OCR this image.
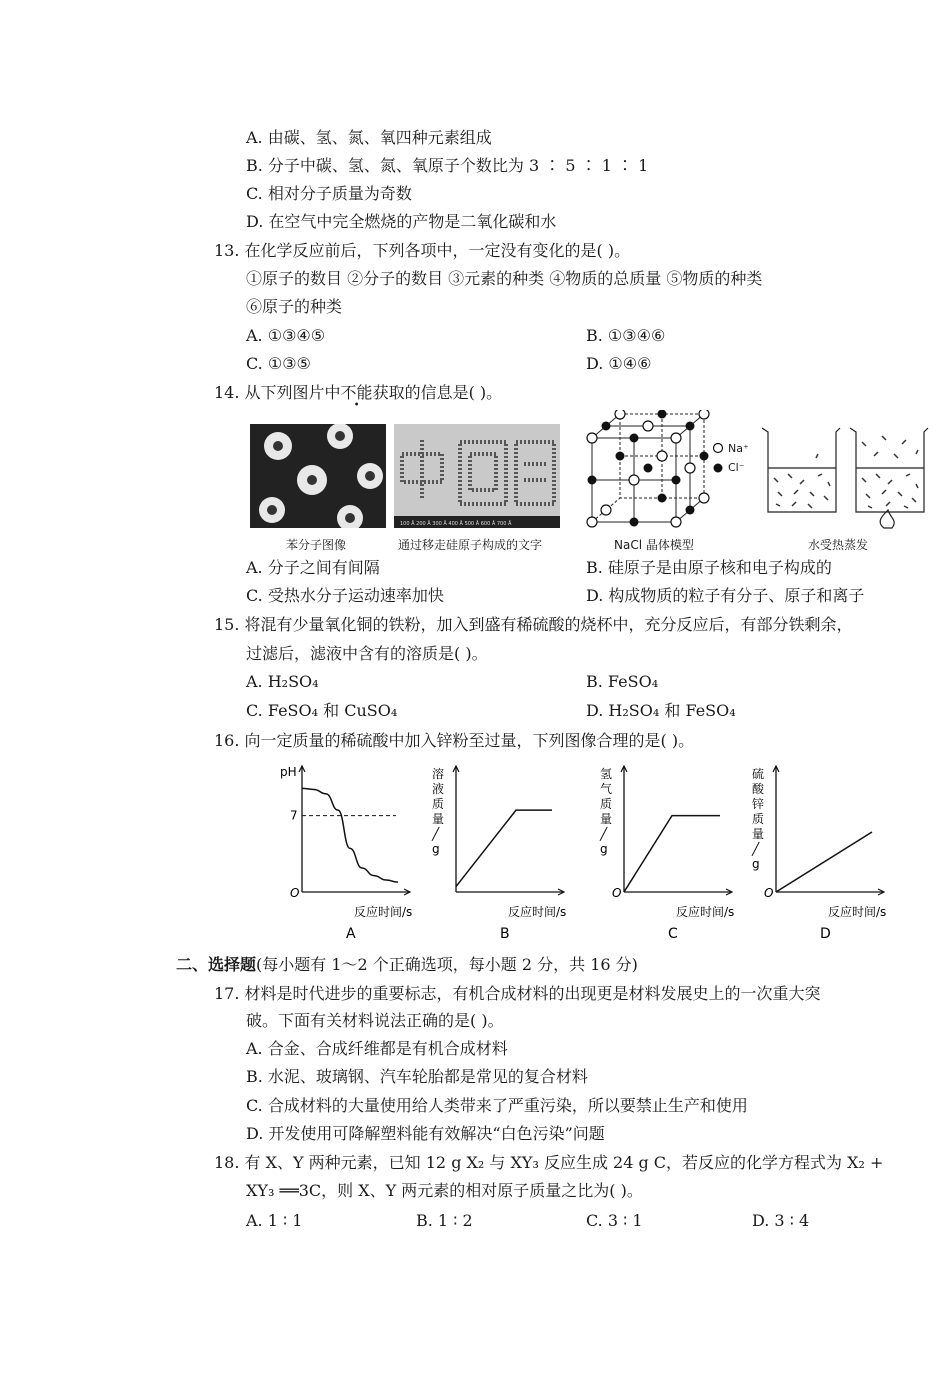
A. 由碳、氢、氮、氧四种元素组成
B. 分子中碳、氢、氮、氧原子个数比为 3 ∶ 5 ∶ 1 ∶ 1
C. 相对分子质量为奇数
D. 在空气中完全燃烧的产物是二氧化碳和水
13. 在化学反应前后，下列各项中，一定没有变化的是( )。
①原子的数目 ②分子的数目 ③元素的种类 ④物质的总质量 ⑤物质的种类
⑥原子的种类
A. ①③④⑤	B. ①③④⑥
C. ①③⑤	D. ①④⑥
14. 从下列图片中不能获取的信息是( )。
苯分子图像
100 Å 200 Å 300 Å 400 Å 500 Å 600 Å 700 Å
通过移走硅原子构成的文字
Na⁺
Cl⁻
NaCl 晶体模型	水受热蒸发
A. 分子之间有间隔	B. 硅原子是由原子核和电子构成的
C. 受热水分子运动速率加快	D. 构成物质的粒子有分子、原子和离子
15. 将混有少量氧化铜的铁粉，加入到盛有稀硫酸的烧杯中，充分反应后，有部分铁剩余，
过滤后，滤液中含有的溶质是( )。
A. H₂SO₄	B. FeSO₄
C. FeSO₄ 和 CuSO₄	D. H₂SO₄ 和 FeSO₄
16. 向一定质量的稀硫酸中加入锌粉至过量，下列图像合理的是( )。
O
pH
反应时间/s
A
7
溶液质量╱ g
反应时间/s
B
O
氢气质量╱ g
反应时间/s
C
O
硫酸锌质量╱ g
反应时间/s
D
二、选择题(每小题有 1～2 个正确选项，每小题 2 分，共 16 分)
17. 材料是时代进步的重要标志，有机合成材料的出现更是材料发展史上的一次重大突
破。下面有关材料说法正确的是( )。
A. 合金、合成纤维都是有机合成材料
B. 水泥、玻璃钢、汽车轮胎都是常见的复合材料
C. 合成材料的大量使用给人类带来了严重污染，所以要禁止生产和使用
D. 开发使用可降解塑料能有效解决“白色污染”问题
18. 有 X、Y 两种元素，已知 12 g X₂ 与 XY₃ 反应生成 24 g C，若反应的化学方程式为 X₂ +
XY₃ ══3C，则 X、Y 两元素的相对原子质量之比为( )。
A. 1 ∶ 1	B. 1 ∶ 2	C. 3 ∶ 1	D. 3 ∶ 4
